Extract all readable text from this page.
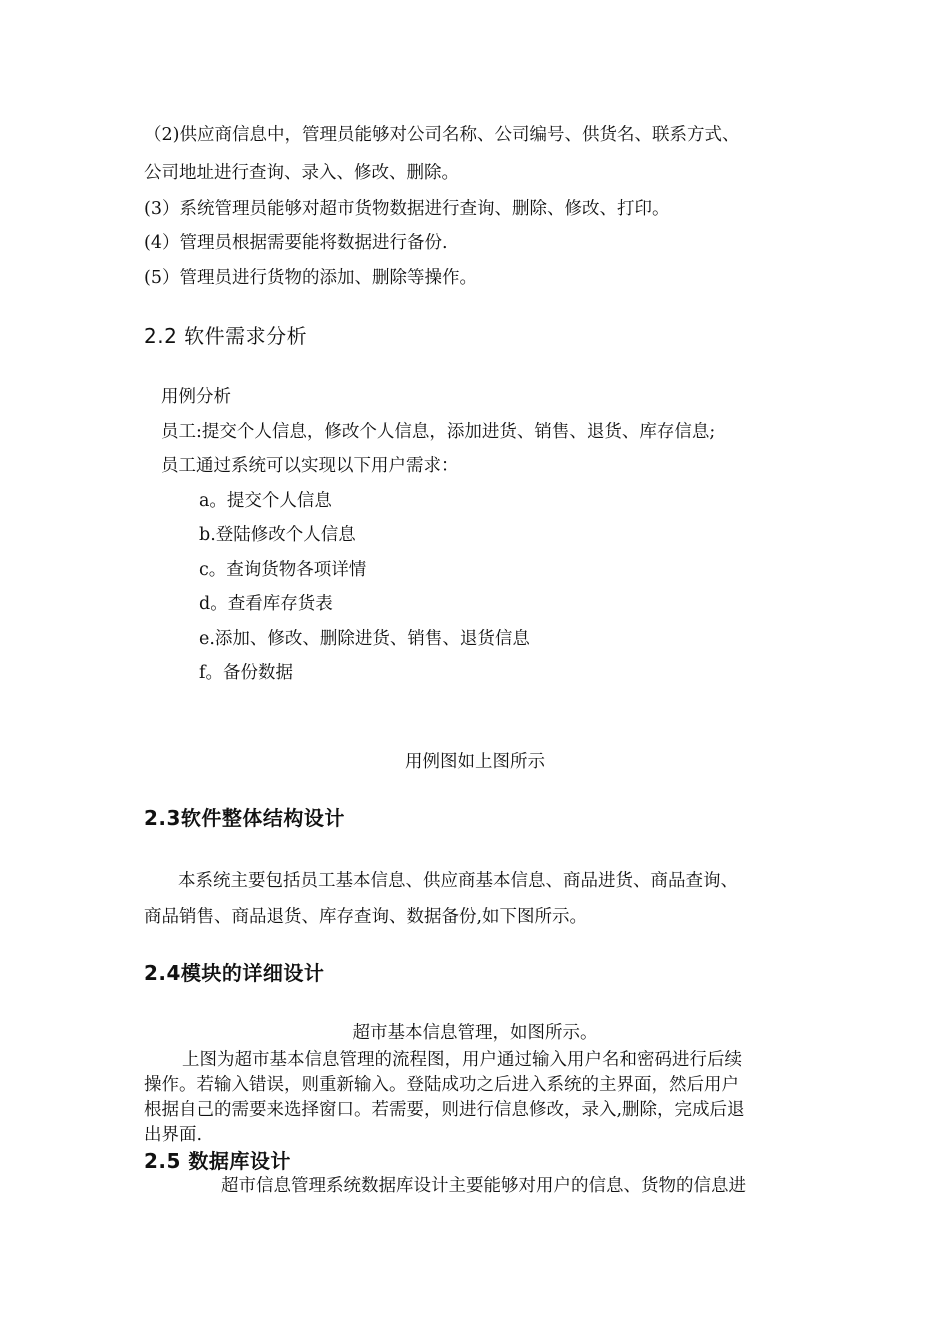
（2)供应商信息中，管理员能够对公司名称、公司编号、供货名、联系方式、
公司地址进行查询、录入、修改、删除。
(3）系统管理员能够对超市货物数据进行查询、删除、修改、打印。
(4）管理员根据需要能将数据进行备份.
(5）管理员进行货物的添加、删除等操作。
2.2 软件需求分析
用例分析
员工:提交个人信息，修改个人信息，添加进货、销售、退货、库存信息;
员工通过系统可以实现以下用户需求：
a。提交个人信息
b.登陆修改个人信息
c。查询货物各项详情
d。查看库存货表
e.添加、修改、删除进货、销售、退货信息
f。备份数据
用例图如上图所示
2.3软件整体结构设计
本系统主要包括员工基本信息、供应商基本信息、商品进货、商品查询、
商品销售、商品退货、库存查询、数据备份,如下图所示。
2.4模块的详细设计
超市基本信息管理，如图所示。
上图为超市基本信息管理的流程图，用户通过输入用户名和密码进行后续
操作。若输入错误，则重新输入。登陆成功之后进入系统的主界面，然后用户
根据自己的需要来选择窗口。若需要，则进行信息修改，录入,删除，完成后退
出界面.
2.5 数据库设计
超市信息管理系统数据库设计主要能够对用户的信息、货物的信息进
